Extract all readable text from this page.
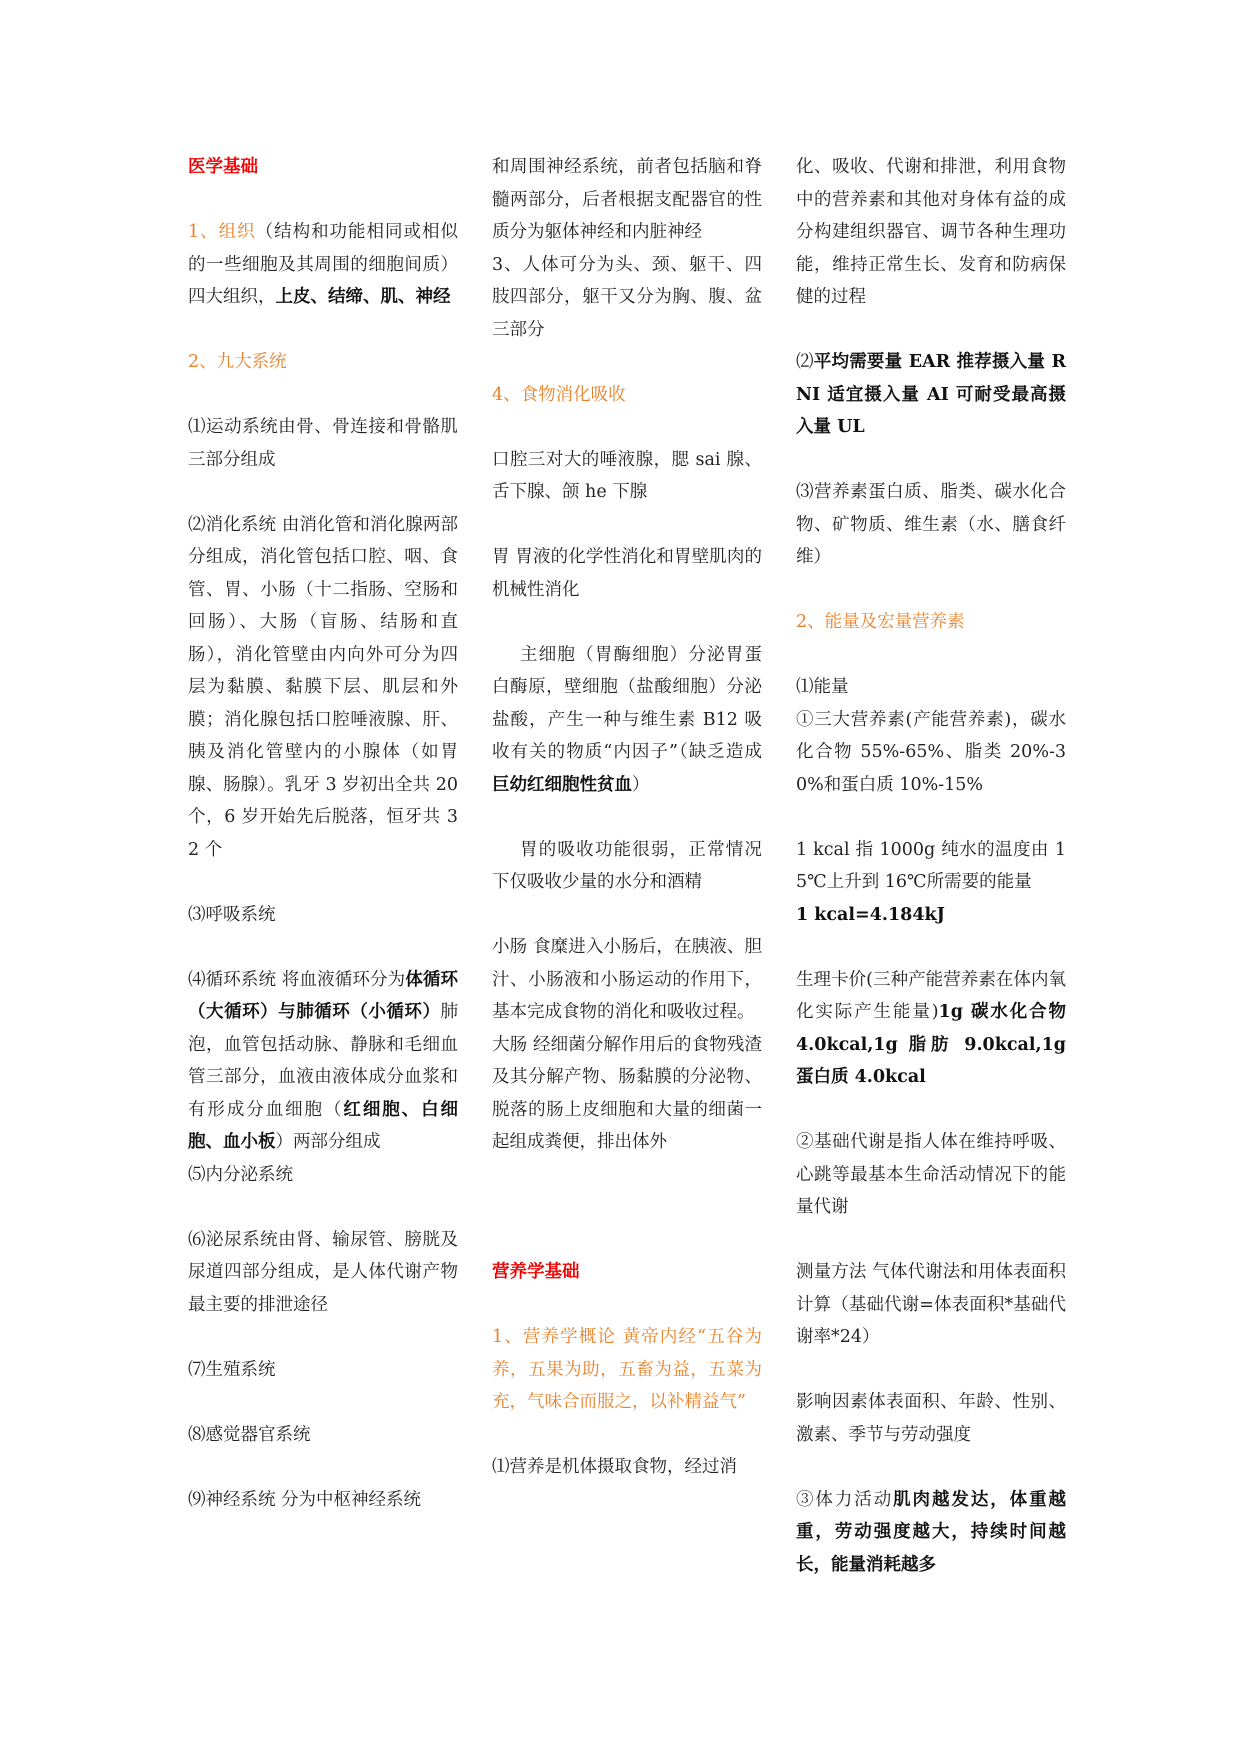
医学基础

1、组织（结构和功能相同或相似的一些细胞及其周围的细胞间质） 四大组织，上皮、结缔、肌、神经

2、九大系统

⑴运动系统由骨、骨连接和骨骼肌三部分组成

⑵消化系统 由消化管和消化腺两部分组成，消化管包括口腔、咽、食管、胃、小肠（十二指肠、空肠和回肠）、大肠（盲肠、结肠和直肠），消化管壁由内向外可分为四层为黏膜、黏膜下层、肌层和外膜；消化腺包括口腔唾液腺、肝、胰及消化管壁内的小腺体（如胃腺、肠腺）。乳牙 3 岁初出全共 20 个，6 岁开始先后脱落，恒牙共 32 个

⑶呼吸系统

⑷循环系统 将血液循环分为体循环（大循环）与肺循环（小循环）肺泡，血管包括动脉、静脉和毛细血管三部分，血液由液体成分血浆和有形成分血细胞（红细胞、白细胞、血小板）两部分组成

⑸内分泌系统

⑹泌尿系统由肾、输尿管、膀胱及尿道四部分组成，是人体代谢产物最主要的排泄途径

⑺生殖系统

⑻感觉器官系统

⑼神经系统 分为中枢神经系统

和周围神经系统，前者包括脑和脊髓两部分，后者根据支配器官的性质分为躯体神经和内脏神经

3、人体可分为头、颈、躯干、四肢四部分，躯干又分为胸、腹、盆三部分

4、食物消化吸收

口腔三对大的唾液腺，腮 sai 腺、舌下腺、颌 he 下腺

胃 胃液的化学性消化和胃壁肌肉的机械性消化

主细胞（胃酶细胞）分泌胃蛋白酶原，壁细胞（盐酸细胞）分泌盐酸，产生一种与维生素 B12 吸收有关的物质“内因子”（缺乏造成巨幼红细胞性贫血）

胃的吸收功能很弱，正常情况下仅吸收少量的水分和酒精

小肠 食糜进入小肠后，在胰液、胆汁、小肠液和小肠运动的作用下，基本完成食物的消化和吸收过程。

大肠 经细菌分解作用后的食物残渣及其分解产物、肠黏膜的分泌物、脱落的肠上皮细胞和大量的细菌一起组成粪便，排出体外

营养学基础

1、营养学概论 黄帝内经“五谷为养，五果为助，五畜为益，五菜为充，气味合而服之，以补精益气”

⑴营养是机体摄取食物，经过消

化、吸收、代谢和排泄，利用食物中的营养素和其他对身体有益的成分构建组织器官、调节各种生理功能，维持正常生长、发育和防病保健的过程

⑵平均需要量 EAR 推荐摄入量 RNI 适宜摄入量 AI 可耐受最高摄入量 UL

⑶营养素蛋白质、脂类、碳水化合物、矿物质、维生素（水、膳食纤维）

2、能量及宏量营养素

⑴能量

①三大营养素(产能营养素)，碳水化合物 55%-65%、脂类 20%-30%和蛋白质 10%-15%

1 kcal 指 1000g 纯水的温度由 15℃上升到 16℃所需要的能量
1 kcal=4.184kJ

生理卡价(三种产能营养素在体内氧化实际产生能量)1g 碳水化合物 4.0kcal,1g 脂肪 9.0kcal,1g 蛋白质 4.0kcal

②基础代谢是指人体在维持呼吸、心跳等最基本生命活动情况下的能量代谢

测量方法 气体代谢法和用体表面积计算（基础代谢=体表面积*基础代谢率*24）

影响因素体表面积、年龄、性别、激素、季节与劳动强度

③体力活动肌肉越发达，体重越重，劳动强度越大，持续时间越长，能量消耗越多
